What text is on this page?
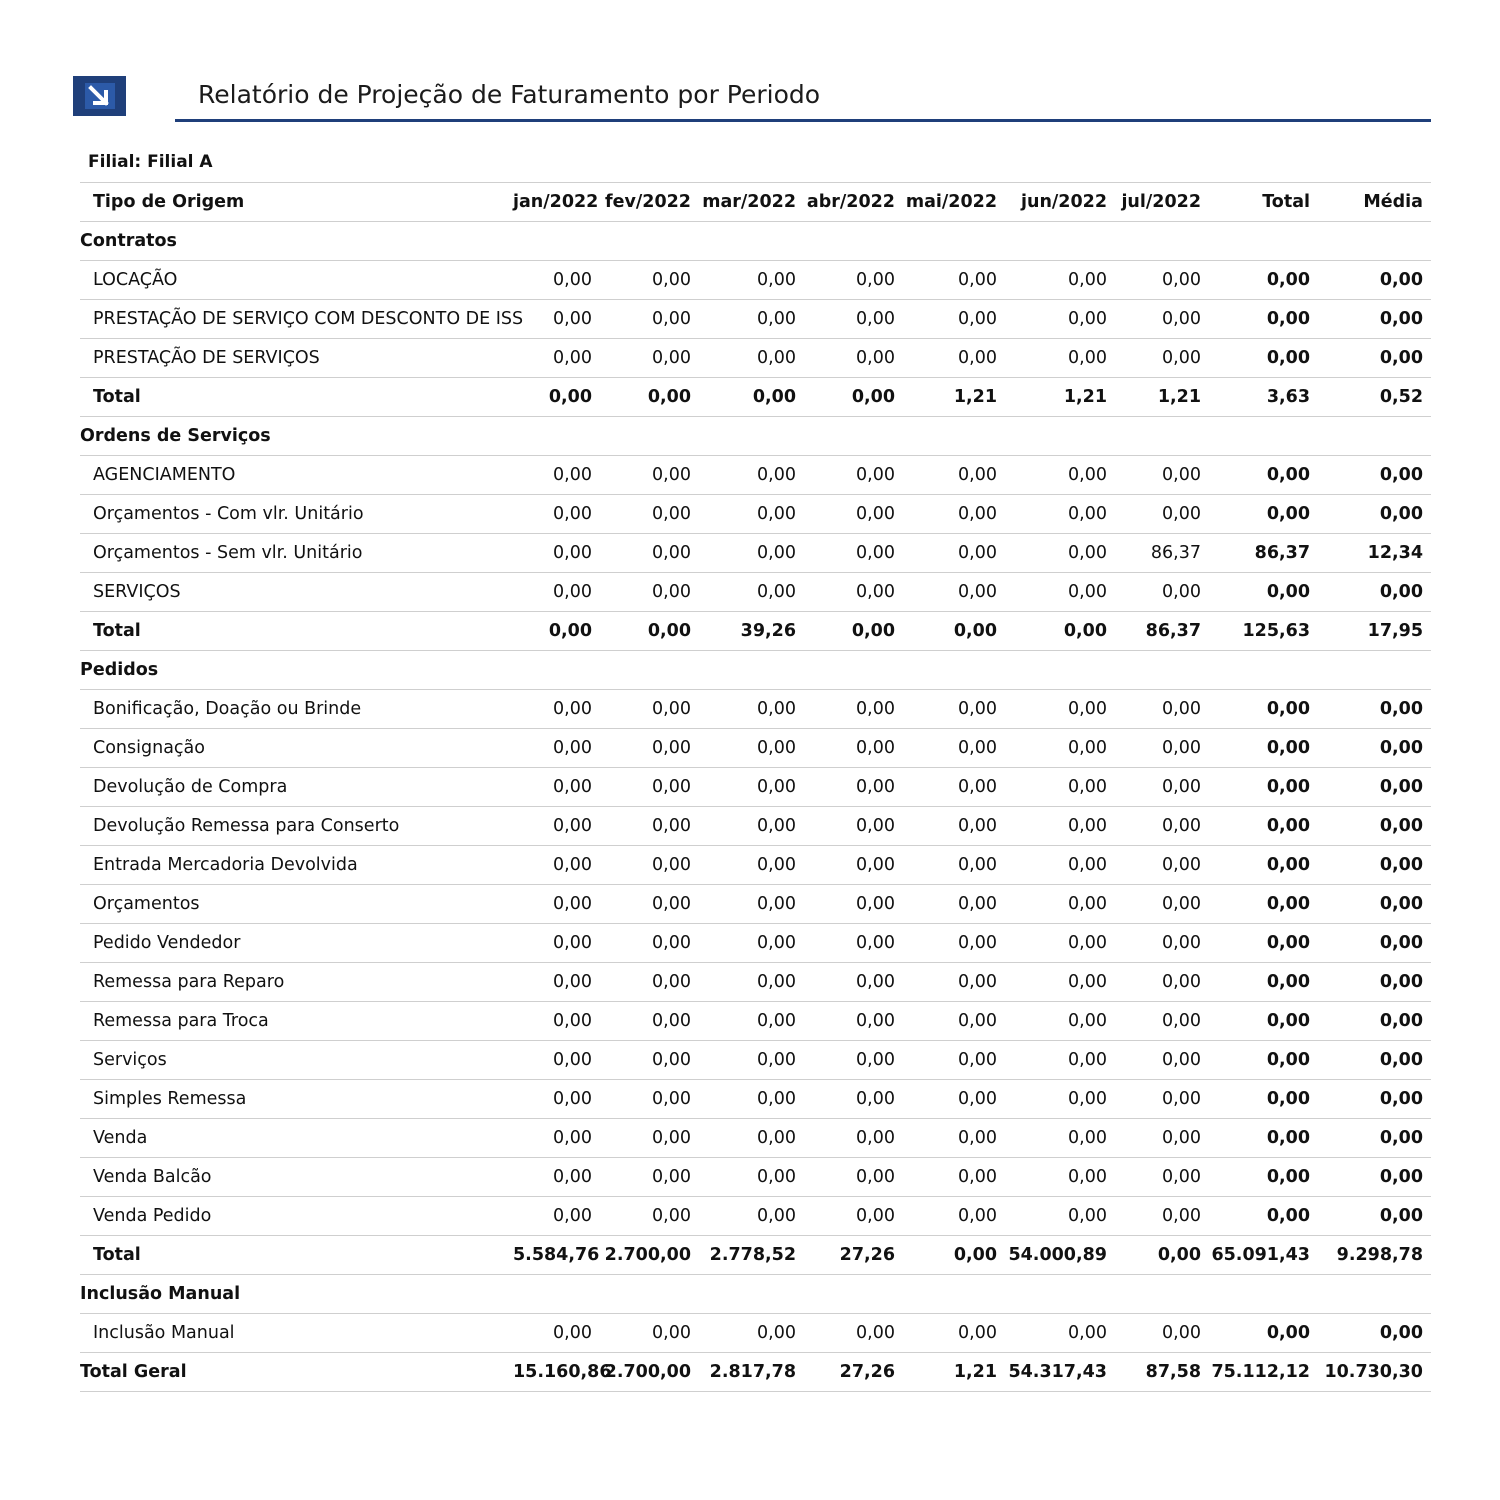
Relatório de Projeção de Faturamento por Periodo
Filial: Filial A
Tipo de Origem	jan/2022	fev/2022	mar/2022	abr/2022	mai/2022	jun/2022	jul/2022	Total	Média
Contratos									
LOCAÇÃO	0,00	0,00	0,00	0,00	0,00	0,00	0,00	0,00	0,00
PRESTAÇÃO DE SERVIÇO COM DESCONTO DE ISS	0,00	0,00	0,00	0,00	0,00	0,00	0,00	0,00	0,00
PRESTAÇÃO DE SERVIÇOS	0,00	0,00	0,00	0,00	0,00	0,00	0,00	0,00	0,00
Total	0,00	0,00	0,00	0,00	1,21	1,21	1,21	3,63	0,52
Ordens de Serviços									
AGENCIAMENTO	0,00	0,00	0,00	0,00	0,00	0,00	0,00	0,00	0,00
Orçamentos - Com vlr. Unitário	0,00	0,00	0,00	0,00	0,00	0,00	0,00	0,00	0,00
Orçamentos - Sem vlr. Unitário	0,00	0,00	0,00	0,00	0,00	0,00	86,37	86,37	12,34
SERVIÇOS	0,00	0,00	0,00	0,00	0,00	0,00	0,00	0,00	0,00
Total	0,00	0,00	39,26	0,00	0,00	0,00	86,37	125,63	17,95
Pedidos									
Bonificação, Doação ou Brinde	0,00	0,00	0,00	0,00	0,00	0,00	0,00	0,00	0,00
Consignação	0,00	0,00	0,00	0,00	0,00	0,00	0,00	0,00	0,00
Devolução de Compra	0,00	0,00	0,00	0,00	0,00	0,00	0,00	0,00	0,00
Devolução Remessa para Conserto	0,00	0,00	0,00	0,00	0,00	0,00	0,00	0,00	0,00
Entrada Mercadoria Devolvida	0,00	0,00	0,00	0,00	0,00	0,00	0,00	0,00	0,00
Orçamentos	0,00	0,00	0,00	0,00	0,00	0,00	0,00	0,00	0,00
Pedido Vendedor	0,00	0,00	0,00	0,00	0,00	0,00	0,00	0,00	0,00
Remessa para Reparo	0,00	0,00	0,00	0,00	0,00	0,00	0,00	0,00	0,00
Remessa para Troca	0,00	0,00	0,00	0,00	0,00	0,00	0,00	0,00	0,00
Serviços	0,00	0,00	0,00	0,00	0,00	0,00	0,00	0,00	0,00
Simples Remessa	0,00	0,00	0,00	0,00	0,00	0,00	0,00	0,00	0,00
Venda	0,00	0,00	0,00	0,00	0,00	0,00	0,00	0,00	0,00
Venda Balcão	0,00	0,00	0,00	0,00	0,00	0,00	0,00	0,00	0,00
Venda Pedido	0,00	0,00	0,00	0,00	0,00	0,00	0,00	0,00	0,00
Total	5.584,76	2.700,00	2.778,52	27,26	0,00	54.000,89	0,00	65.091,43	9.298,78
Inclusão Manual									
Inclusão Manual	0,00	0,00	0,00	0,00	0,00	0,00	0,00	0,00	0,00
Total Geral	15.160,86	2.700,00	2.817,78	27,26	1,21	54.317,43	87,58	75.112,12	10.730,30
